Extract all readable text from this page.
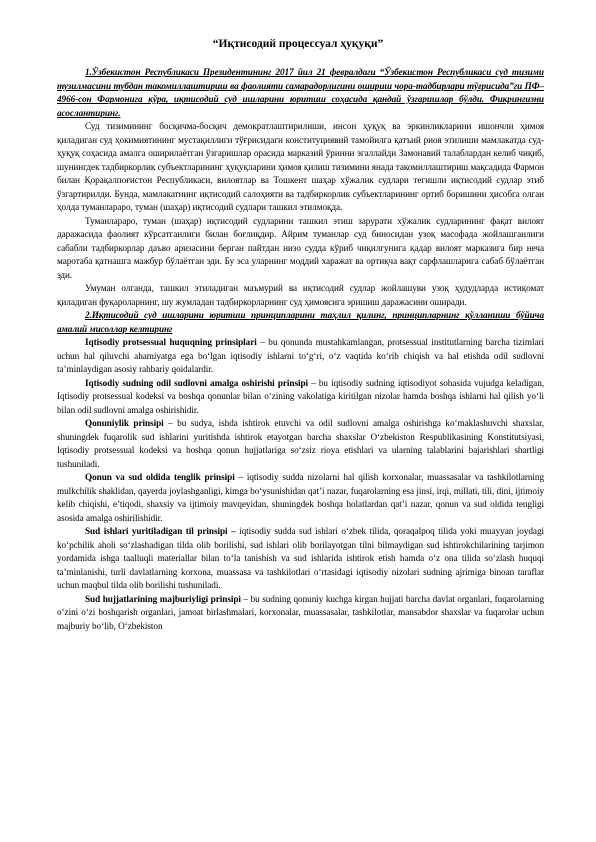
“Иқтисодий процессуал ҳуқуқи”

1.Ўзбекистон Республикаси Президентининг 2017 йил 21 февралдаги “Ўзбекистон Республикаси суд тизими тузилмасини тубдан такомиллаштириш ва фаолияти самарадорлигини ошириш чора-тадбирлари тўғрисида”ги ПФ–4966-сон Фармонига кўра, иқтисодий суд ишларини юритиш соҳасида қандай ўзгаришлар бўлди. Фикрингизни асослантиринг.

Суд тизимининг босқичма-босқич демократлаштирилиши, инсон ҳуқуқ ва эркинликларини ишончли ҳимоя қиладиган суд ҳокимиятининг мустақиллиги тўғрисидаги конституциявий тамойилга қатъий риоя этилиши мамлакатда суд-ҳуқуқ соҳасида амалга оширилаётган ўзгаришлар орасида марказий ўринни эгаллайди Замонавий талаблардан келиб чиқиб, шунингдек тадбиркорлик субъектларининг ҳуқуқларини ҳимоя қилиш тизимини янада такомиллаштириш мақсадида Фармон билан Қорақалпоғистон Республикаси, вилоятлар ва Тошкент шаҳар хўжалик судлари тегишли иқтисодий судлар этиб ўзгартирилди. Бунда, мамлакатнинг иқтисодий салоҳияти ва тадбиркорлик субъектларининг ортиб боришини ҳисобга олган ҳолда туманлараро, туман (шаҳар) иқтисодий судлари ташкил этилмоқда.

Туманлараро, туман (шаҳар) иқтисодий судларини ташкил этиш зарурати хўжалик судларининг фақат вилоят даражасида фаолият кўрсатганлиги билан боғлиқдир. Айрим туманлар суд биносидан узоқ масофада жойлашганлиги сабабли тадбиркорлар даъво аризасини берган пайтдан низо судда кўриб чиқилгунига қадар вилоят марказига бир неча маротаба қатнашга мажбур бўлаётган эди. Бу эса уларнинг моддий харажат ва ортиқча вақт сарфлашларига сабаб бўлаётган эди.

Умуман олганда, ташкил этиладиган маъмурий ва иқтисодий судлар жойлашуви узоқ ҳудудларда истиқомат қиладиган фуқароларнинг, шу жумладан тадбиркорларнинг суд ҳимоясига эришиш даражасини оширади.

2.Иқтисодий суд ишларини юритиш принципларини таҳлил қилинг, принципларнинг қўлланиши бўйича амалий мисоллар келтиринг

Iqtisodiy protsessual huquqning prinsiplari – bu qonunda mustahkamlangan, protsessual institutlarning barcha tizimlari uchun hal qiluvchi ahamiyatga ega bo‘lgan iqtisodiy ishlarni to‘g‘ri, o‘z vaqtida ko‘rib chiqish va hal etishda odil sudlovni ta’minlaydigan asosiy rahbariy qoidalardir.

Iqtisodiy sudning odil sudlovni amalga oshirishi prinsipi – bu iqtisodiy sudning iqtisodiyot sohasida vujudga keladigan, Iqtisodiy protsessual kodeksi va boshqa qonunlar bilan o‘zining vakolatiga kiritilgan nizolar hamda boshqa ishlarni hal qilish yo‘li bilan odil sudlovni amalga oshirishidir.

Qonuniylik prinsipi – bu sudya, ishda ishtirok etuvchi va odil sudlovni amalga oshirishga ko‘maklashuvchi shaxslar, shuningdek fuqarolik sud ishlarini yuritishda ishtirok etayotgan barcha shaxslar O‘zbekiston Respublikasining Konstitutsiyasi, Iqtisodiy protsessual kodeksi va boshqa qonun hujjatlariga so‘zsiz rioya etishlari va ularning talablarini bajarishlari shartligi tushuniladi.

Qonun va sud oldida tenglik prinsipi – iqtisodiy sudda nizolarni hal qilish korxonalar, muassasalar va tashkilotlarning mulkchilik shaklidan, qayerda joylashganligi, kimga bo‘ysunishidan qat’i nazar, fuqarolarning esa jinsi, irqi, millati, tili, dini, ijtimoiy kelib chiqishi, e’tiqodi, shaxsiy va ijtimoiy mavqeyidan, shuningdek boshqa holatlardan qat’i nazar, qonun va sud oldida tengligi asosida amalga oshirilishidir.

Sud ishlari yuritiladigan til prinsipi – iqtisodiy sudda sud ishlari o‘zbek tilida, qoraqalpoq tilida yoki muayyan joydagi ko‘pchilik aholi so‘zlashadigan tilda olib borilishi, sud ishlari olib borilayotgan tilni bilmaydigan sud ishtirokchilarining tarjimon yordamida ishga taalluqli materiallar bilan to‘la tanishish va sud ishlarida ishtirok etish hamda o‘z ona tilida so‘zlash huquqi ta’minlanishi, turli davlatlarning korxona, muassasa va tashkilotlari o‘rtasidagi iqtisodiy nizolari sudning ajrimiga binoan taraflar uchun maqbul tilda olib borilishi tushuniladi.

Sud hujjatlarining majburiyligi prinsipi – bu sudning qonuniy kuchga kirgan hujjati barcha davlat organlari, fuqarolarning o‘zini o‘zi boshqarish organlari, jamoat birlashmalari, korxonalar, muassasalar, tashkilotlar, mansabdor shaxslar va fuqarolar uchun majburiy bo‘lib, O‘zbekiston
